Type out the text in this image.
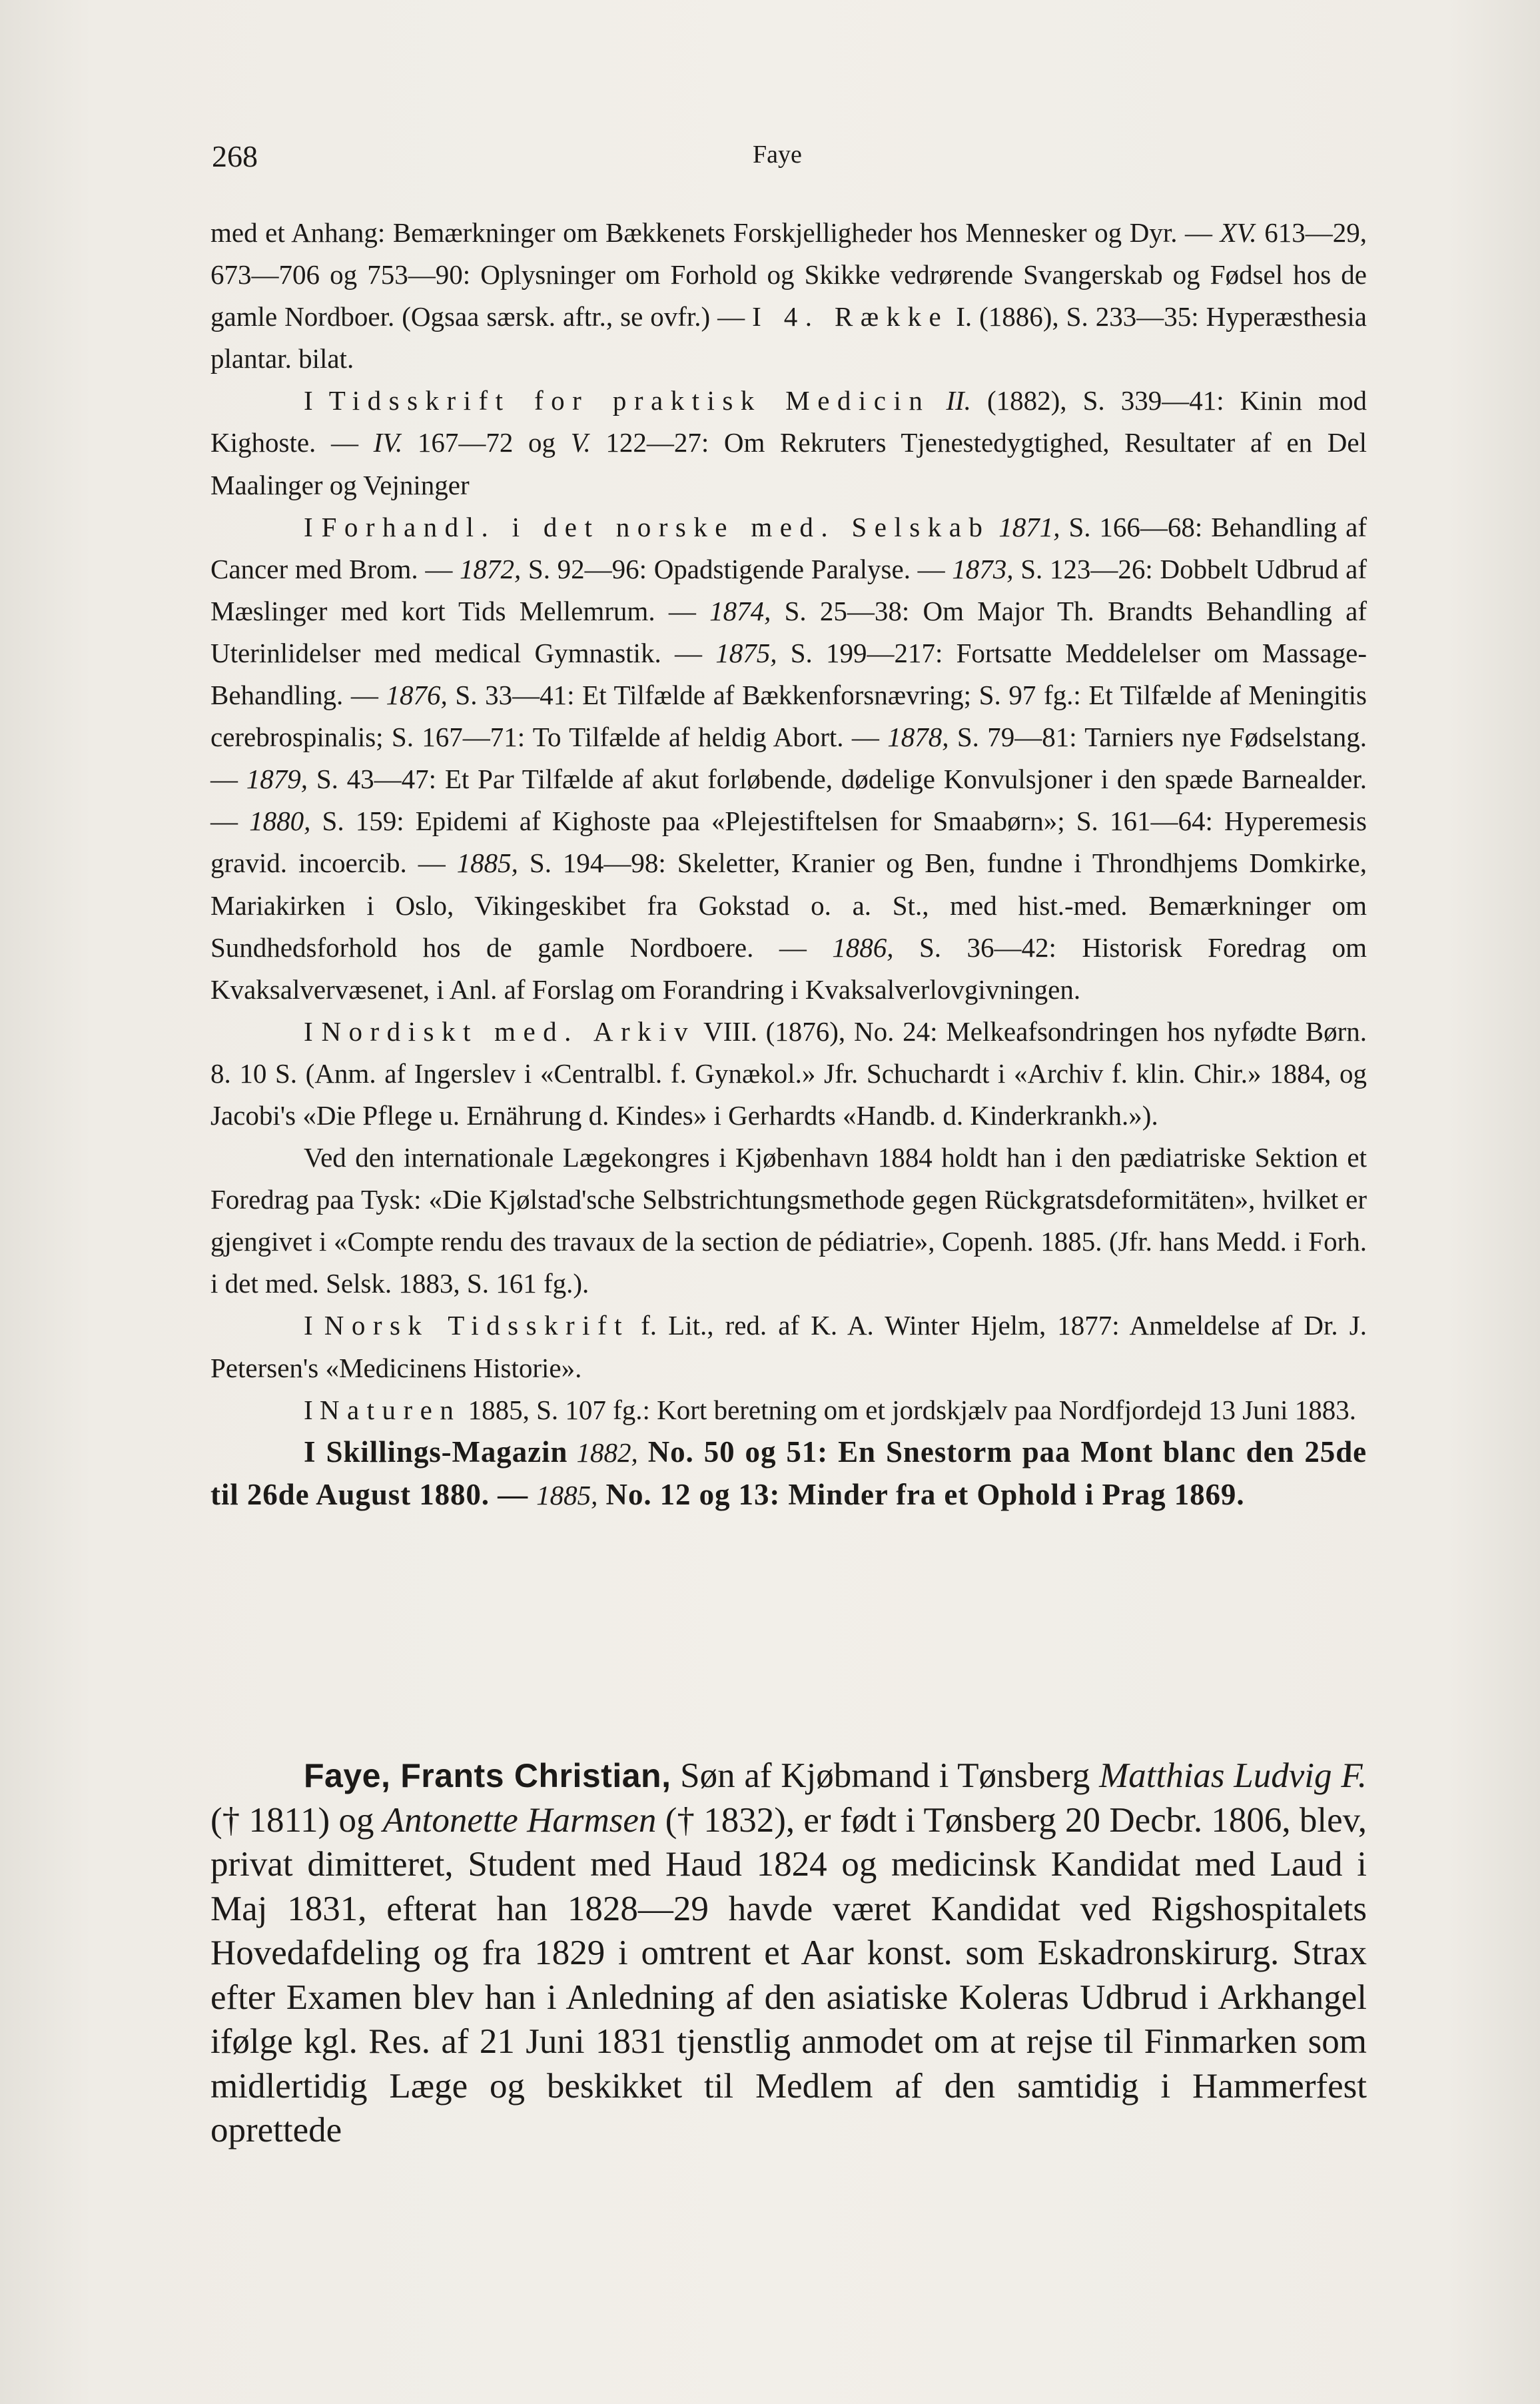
268	Faye

med et Anhang: Bemærkninger om Bækkenets Forskjelligheder hos Mennesker og Dyr. — XV. 613—29, 673—706 og 753—90: Oplysninger om Forhold og Skikke vedrørende Svangerskab og Fødsel hos de gamle Nordboer. (Ogsaa særsk. aftr., se ovfr.) — I 4. Række I. (1886), S. 233—35: Hyperæsthesia plantar. bilat.

I Tidsskrift for praktisk Medicin II. (1882), S. 339—41: Kinin mod Kighoste. — IV. 167—72 og V. 122—27: Om Rekruters Tjenestedygtighed, Resultater af en Del Maalinger og Vejninger

I Forhandl. i det norske med. Selskab 1871, S. 166—68: Behandling af Cancer med Brom. — 1872, S. 92—96: Opadstigende Paralyse. — 1873, S. 123—26: Dobbelt Udbrud af Mæslinger med kort Tids Mellemrum. — 1874, S. 25—38: Om Major Th. Brandts Behandling af Uterinlidelser med medical Gymnastik. — 1875, S. 199—217: Fortsatte Meddelelser om Massage-Behandling. — 1876, S. 33—41: Et Tilfælde af Bækkenforsnævring; S. 97 fg.: Et Tilfælde af Meningitis cerebrospinalis; S. 167—71: To Tilfælde af heldig Abort. — 1878, S. 79—81: Tarniers nye Fødselstang. — 1879, S. 43—47: Et Par Tilfælde af akut forløbende, dødelige Konvulsjoner i den spæde Barnealder. — 1880, S. 159: Epidemi af Kighoste paa «Plejestiftelsen for Smaabørn»; S. 161—64: Hyperemesis gravid. incoercib. — 1885, S. 194—98: Skeletter, Kranier og Ben, fundne i Throndhjems Domkirke, Mariakirken i Oslo, Vikingeskibet fra Gokstad o. a. St., med hist.-med. Bemærkninger om Sundhedsforhold hos de gamle Nordboere. — 1886, S. 36—42: Historisk Foredrag om Kvaksalvervæsenet, i Anl. af Forslag om Forandring i Kvaksalverlovgivningen.

I Nordiskt med. Arkiv VIII. (1876), No. 24: Melkeafsondringen hos nyfødte Børn. 8. 10 S. (Anm. af Ingerslev i «Centralbl. f. Gynækol.» Jfr. Schuchardt i «Archiv f. klin. Chir.» 1884, og Jacobi's «Die Pflege u. Ernährung d. Kindes» i Gerhardts «Handb. d. Kinderkrankh.»).

Ved den internationale Lægekongres i Kjøbenhavn 1884 holdt han i den pædiatriske Sektion et Foredrag paa Tysk: «Die Kjølstad'sche Selbstrichtungsmethode gegen Rückgratsdeformitäten», hvilket er gjengivet i «Compte rendu des travaux de la section de pédiatrie», Copenh. 1885. (Jfr. hans Medd. i Forh. i det med. Selsk. 1883, S. 161 fg.).

I Norsk Tidsskrift f. Lit., red. af K. A. Winter Hjelm, 1877: Anmeldelse af Dr. J. Petersen's «Medicinens Historie».

I Naturen 1885, S. 107 fg.: Kort beretning om et jordskjælv paa Nordfjordejd 13 Juni 1883.

I Skillings-Magazin 1882, No. 50 og 51: En Snestorm paa Mont blanc den 25de til 26de August 1880. — 1885, No. 12 og 13: Minder fra et Ophold i Prag 1869.

Faye, Frants Christian, Søn af Kjøbmand i Tønsberg Matthias Ludvig F. († 1811) og Antonette Harmsen († 1832), er født i Tønsberg 20 Decbr. 1806, blev, privat dimitteret, Student med Haud 1824 og medicinsk Kandidat med Laud i Maj 1831, efterat han 1828—29 havde været Kandidat ved Rigshospitalets Hovedafdeling og fra 1829 i omtrent et Aar konst. som Eskadronskirurg. Strax efter Examen blev han i Anledning af den asiatiske Koleras Udbrud i Arkhangel ifølge kgl. Res. af 21 Juni 1831 tjenstlig anmodet om at rejse til Finmarken som midlertidig Læge og beskikket til Medlem af den samtidig i Hammerfest oprettede
